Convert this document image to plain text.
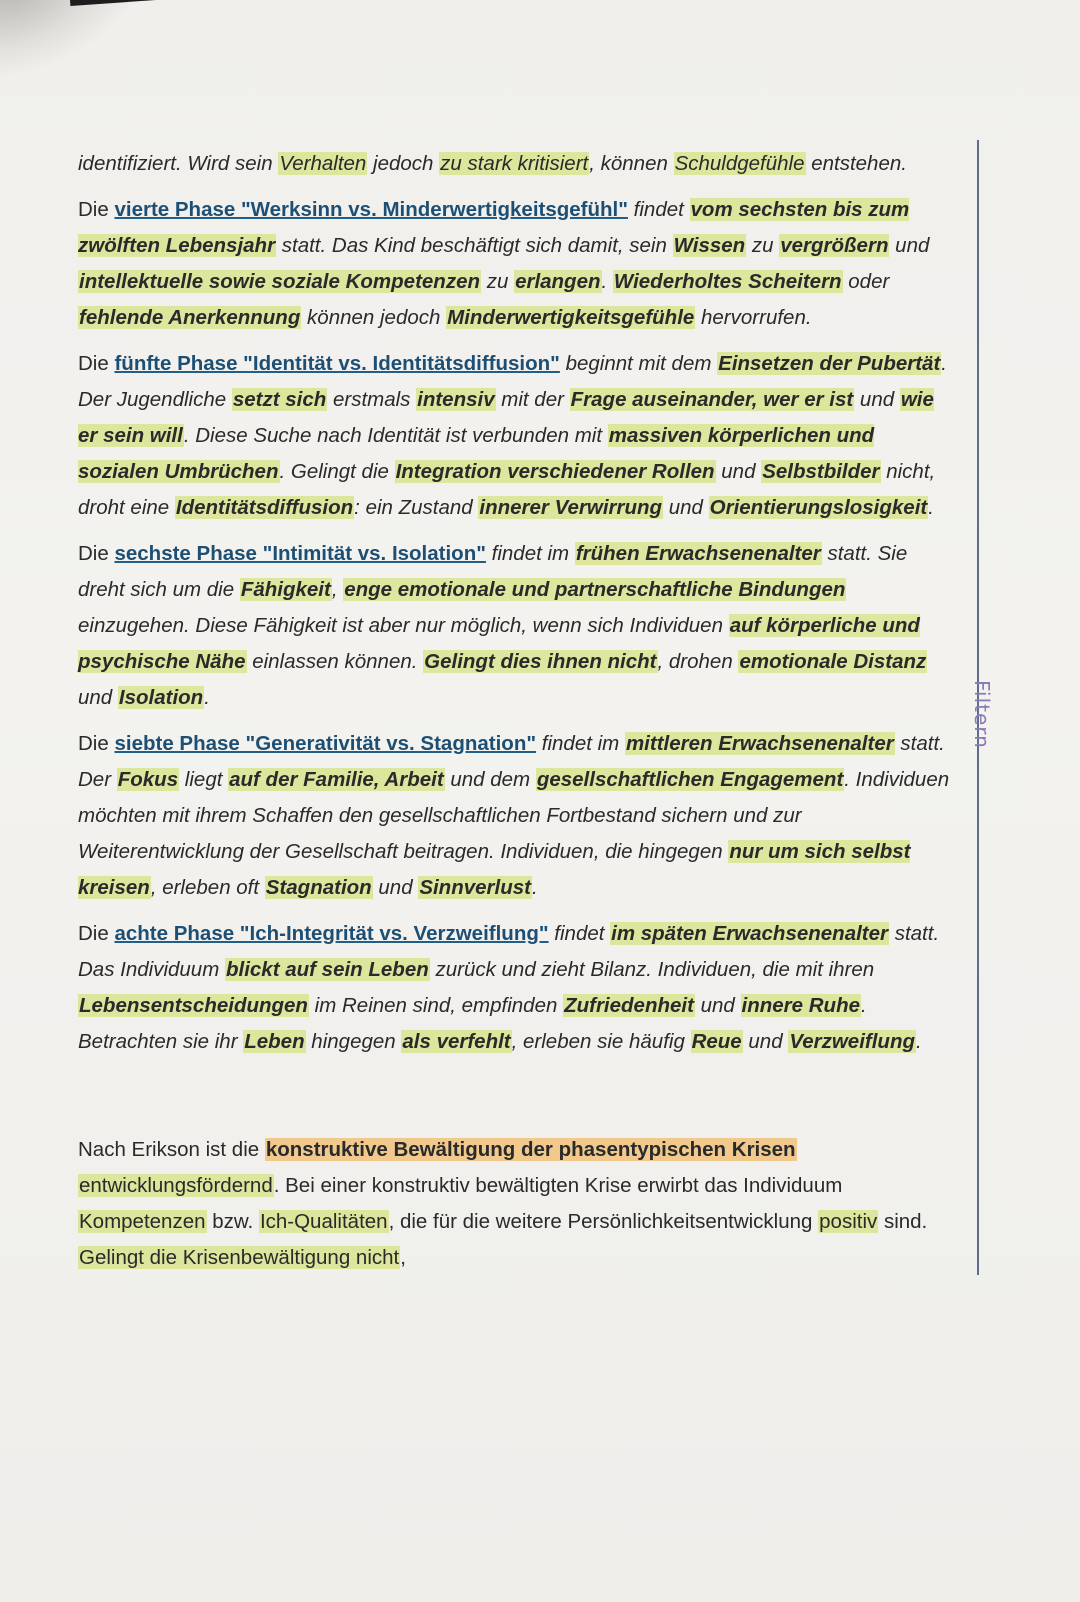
Filtern

identifiziert. Wird sein Verhalten jedoch zu stark kritisiert, können Schuldgefühle entstehen.

Die vierte Phase "Werksinn vs. Minderwertigkeitsgefühl" findet vom sechsten bis zum zwölften Lebensjahr statt. Das Kind beschäftigt sich damit, sein Wissen zu vergrößern und intellektuelle sowie soziale Kompetenzen zu erlangen. Wiederholtes Scheitern oder fehlende Anerkennung können jedoch Minderwertigkeitsgefühle hervorrufen.

Die fünfte Phase "Identität vs. Identitätsdiffusion" beginnt mit dem Einsetzen der Pubertät. Der Jugendliche setzt sich erstmals intensiv mit der Frage auseinander, wer er ist und wie er sein will. Diese Suche nach Identität ist verbunden mit massiven körperlichen und sozialen Umbrüchen. Gelingt die Integration verschiedener Rollen und Selbstbilder nicht, droht eine Identitätsdiffusion: ein Zustand innerer Verwirrung und Orientierungslosigkeit.

Die sechste Phase "Intimität vs. Isolation" findet im frühen Erwachsenenalter statt. Sie dreht sich um die Fähigkeit, enge emotionale und partnerschaftliche Bindungen einzugehen. Diese Fähigkeit ist aber nur möglich, wenn sich Individuen auf körperliche und psychische Nähe einlassen können. Gelingt dies ihnen nicht, drohen emotionale Distanz und Isolation.

Die siebte Phase "Generativität vs. Stagnation" findet im mittleren Erwachsenenalter statt. Der Fokus liegt auf der Familie, Arbeit und dem gesellschaftlichen Engagement. Individuen möchten mit ihrem Schaffen den gesellschaftlichen Fortbestand sichern und zur Weiterentwicklung der Gesellschaft beitragen. Individuen, die hingegen nur um sich selbst kreisen, erleben oft Stagnation und Sinnverlust.

Die achte Phase "Ich-Integrität vs. Verzweiflung" findet im späten Erwachsenenalter statt. Das Individuum blickt auf sein Leben zurück und zieht Bilanz. Individuen, die mit ihren Lebensentscheidungen im Reinen sind, empfinden Zufriedenheit und innere Ruhe. Betrachten sie ihr Leben hingegen als verfehlt, erleben sie häufig Reue und Verzweiflung.

Nach Erikson ist die konstruktive Bewältigung der phasentypischen Krisen entwicklungsfördernd. Bei einer konstruktiv bewältigten Krise erwirbt das Individuum Kompetenzen bzw. Ich-Qualitäten, die für die weitere Persönlichkeitsentwicklung positiv sind. Gelingt die Krisenbewältigung nicht,
